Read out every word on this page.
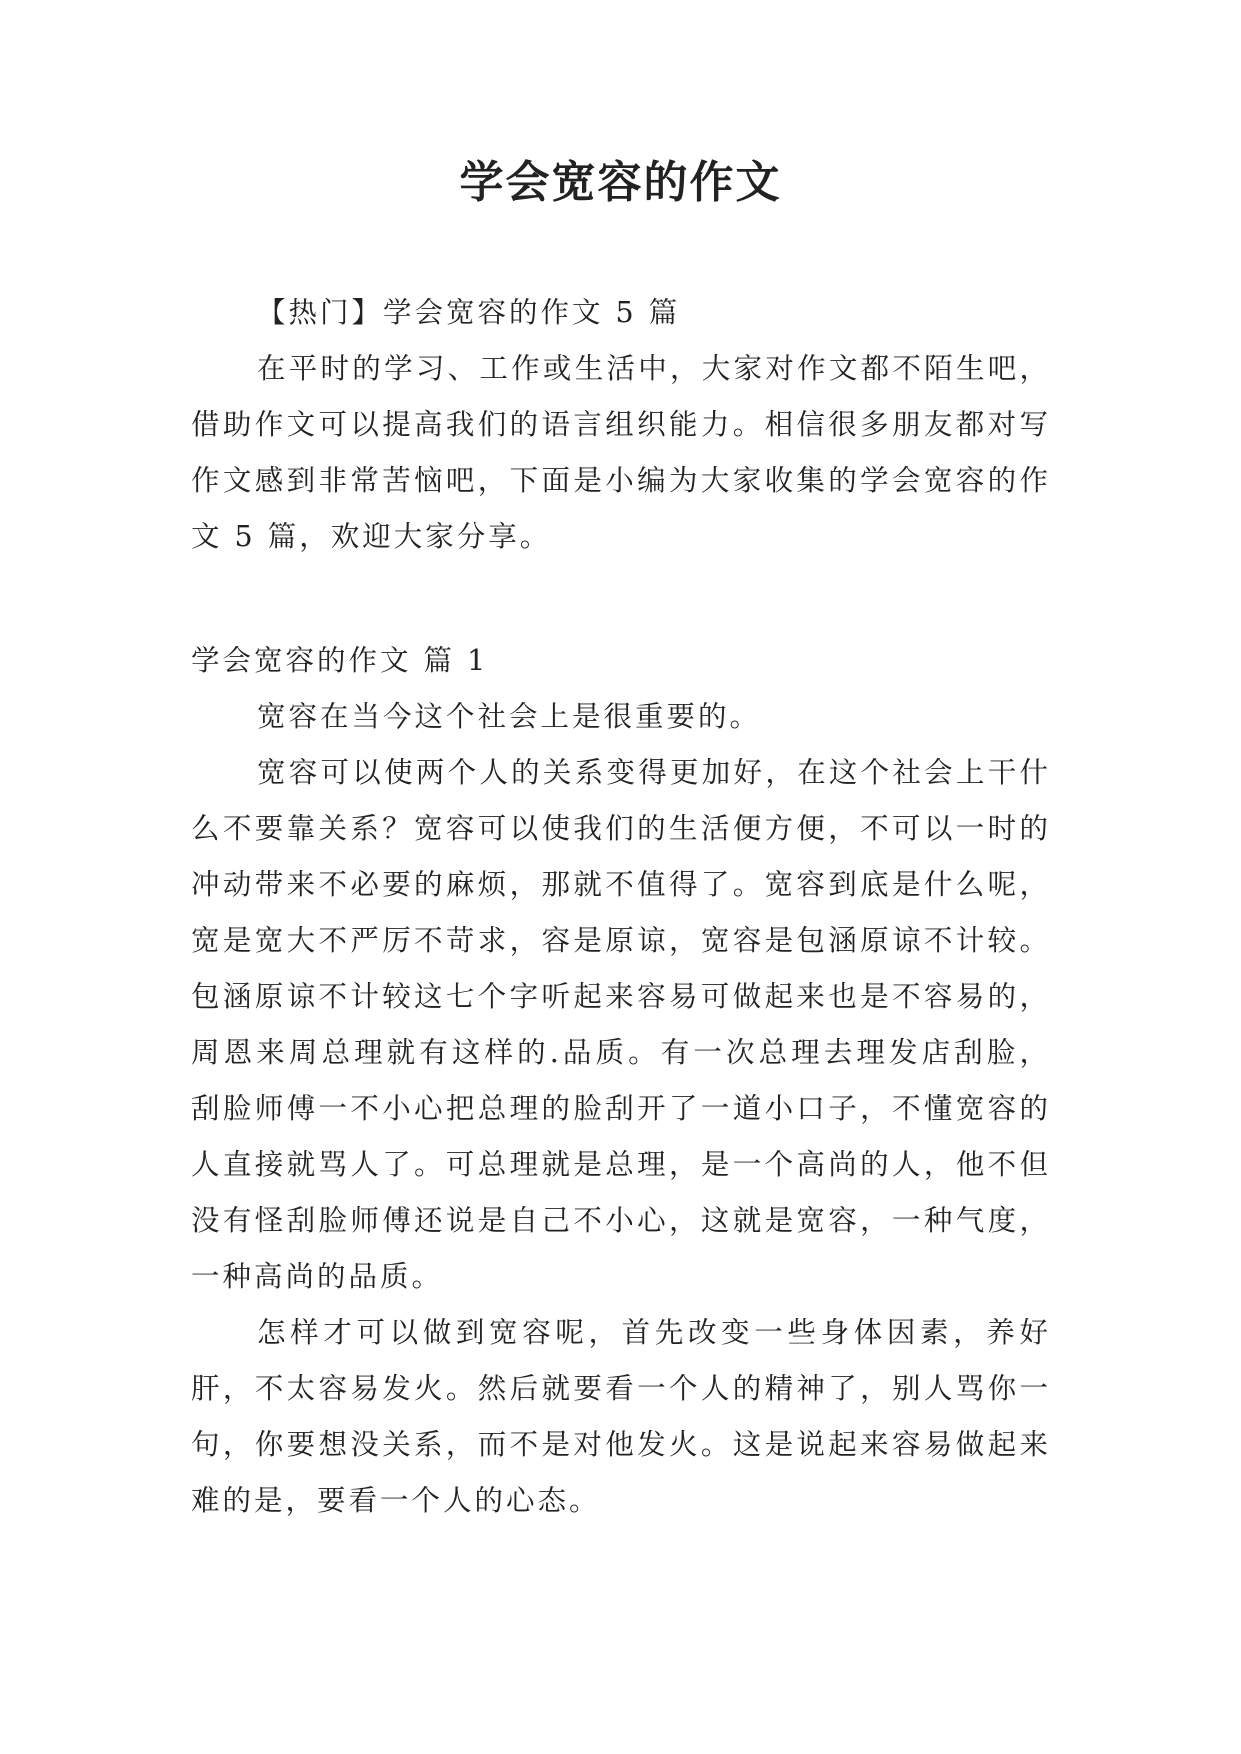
学会宽容的作文

【热门】学会宽容的作文 5 篇

在平时的学习、工作或生活中，大家对作文都不陌生吧，借助作文可以提高我们的语言组织能力。相信很多朋友都对写作文感到非常苦恼吧，下面是小编为大家收集的学会宽容的作文 5 篇，欢迎大家分享。

学会宽容的作文 篇 1

宽容在当今这个社会上是很重要的。

宽容可以使两个人的关系变得更加好，在这个社会上干什么不要靠关系？宽容可以使我们的生活便方便，不可以一时的冲动带来不必要的麻烦，那就不值得了。宽容到底是什么呢，宽是宽大不严厉不苛求，容是原谅，宽容是包涵原谅不计较。包涵原谅不计较这七个字听起来容易可做起来也是不容易的，周恩来周总理就有这样的.品质。有一次总理去理发店刮脸，刮脸师傅一不小心把总理的脸刮开了一道小口子，不懂宽容的人直接就骂人了。可总理就是总理，是一个高尚的人，他不但没有怪刮脸师傅还说是自己不小心，这就是宽容，一种气度，一种高尚的品质。

怎样才可以做到宽容呢，首先改变一些身体因素，养好肝，不太容易发火。然后就要看一个人的精神了，别人骂你一句，你要想没关系，而不是对他发火。这是说起来容易做起来难的是，要看一个人的心态。
